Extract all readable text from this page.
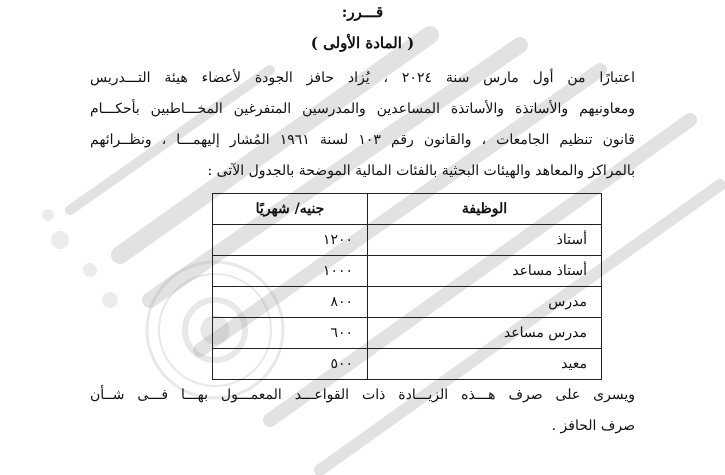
قـــرر:
( المادة الأولى )

اعتبارًا من أول مارس سنة ٢٠٢٤ ، يُزاد حافز الجودة لأعضاء هيئة التـــدريس

ومعاونيهم والأساتذة والأساتذة المساعدين والمدرسين المتفرغين المخـــاطبين بأحكـــام

قانون تنظيم الجامعات ، والقانون رقم ١٠٣ لسنة ١٩٦١ المُشار إليهمـــا ، ونظــرائهم

بالمراكز والمعاهد والهيئات البحثية بالفئات المالية الموضحة بالجدول الآتى :

الوظيفة	جنيه/ شهريًا
أستاذ	١٢٠٠
أستاذ مساعد	١٠٠٠
مدرس	٨٠٠
مدرس مساعد	٦٠٠
معيد	٥٠٠

ويسرى على صرف هـــذه الزيـــادة ذات القواعـــد المعمـــول بهـــا فـــى شــأن

صرف الحافز .
